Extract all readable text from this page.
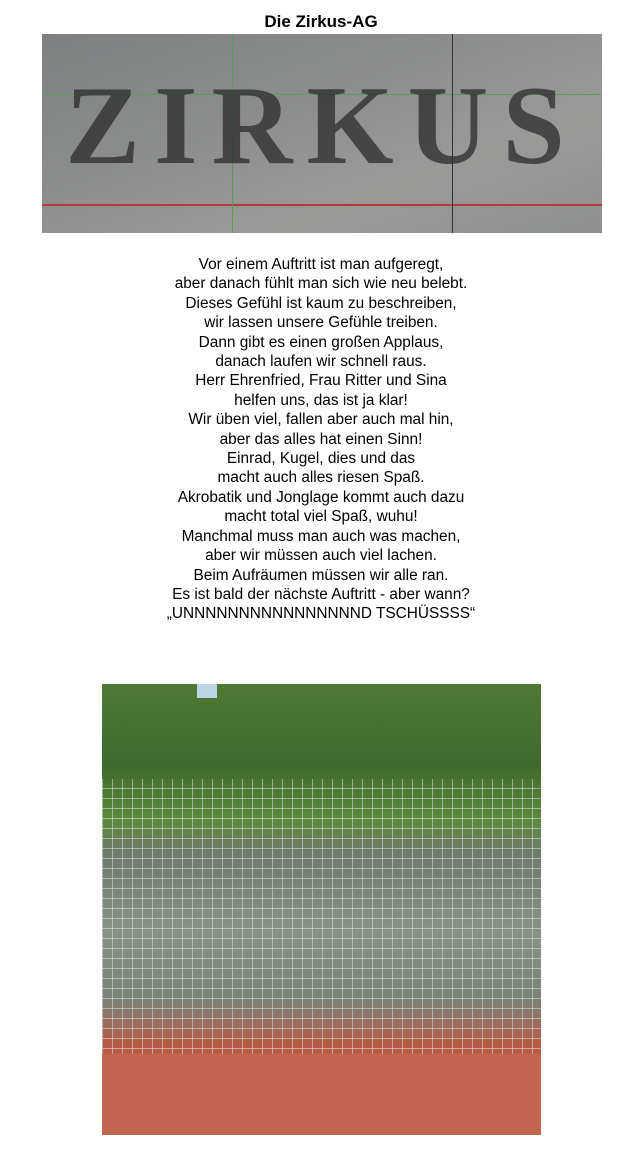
Die Zirkus-AG
ZIRKUS
Vor einem Auftritt ist man aufgeregt,
aber danach fühlt man sich wie neu belebt.
Dieses Gefühl ist kaum zu beschreiben,
wir lassen unsere Gefühle treiben.
Dann gibt es einen großen Applaus,
danach laufen wir schnell raus.
Herr Ehrenfried, Frau Ritter und Sina
helfen uns, das ist ja klar!
Wir üben viel, fallen aber auch mal hin,
aber das alles hat einen Sinn!
Einrad, Kugel, dies und das
macht auch alles riesen Spaß.
Akrobatik und Jonglage kommt auch dazu
macht total viel Spaß, wuhu!
Manchmal muss man auch was machen,
aber wir müssen auch viel lachen.
Beim Aufräumen müssen wir alle ran.
Es ist bald der nächste Auftritt - aber wann?
„UNNNNNNNNNNNNNNNND TSCHÜSSSS“
